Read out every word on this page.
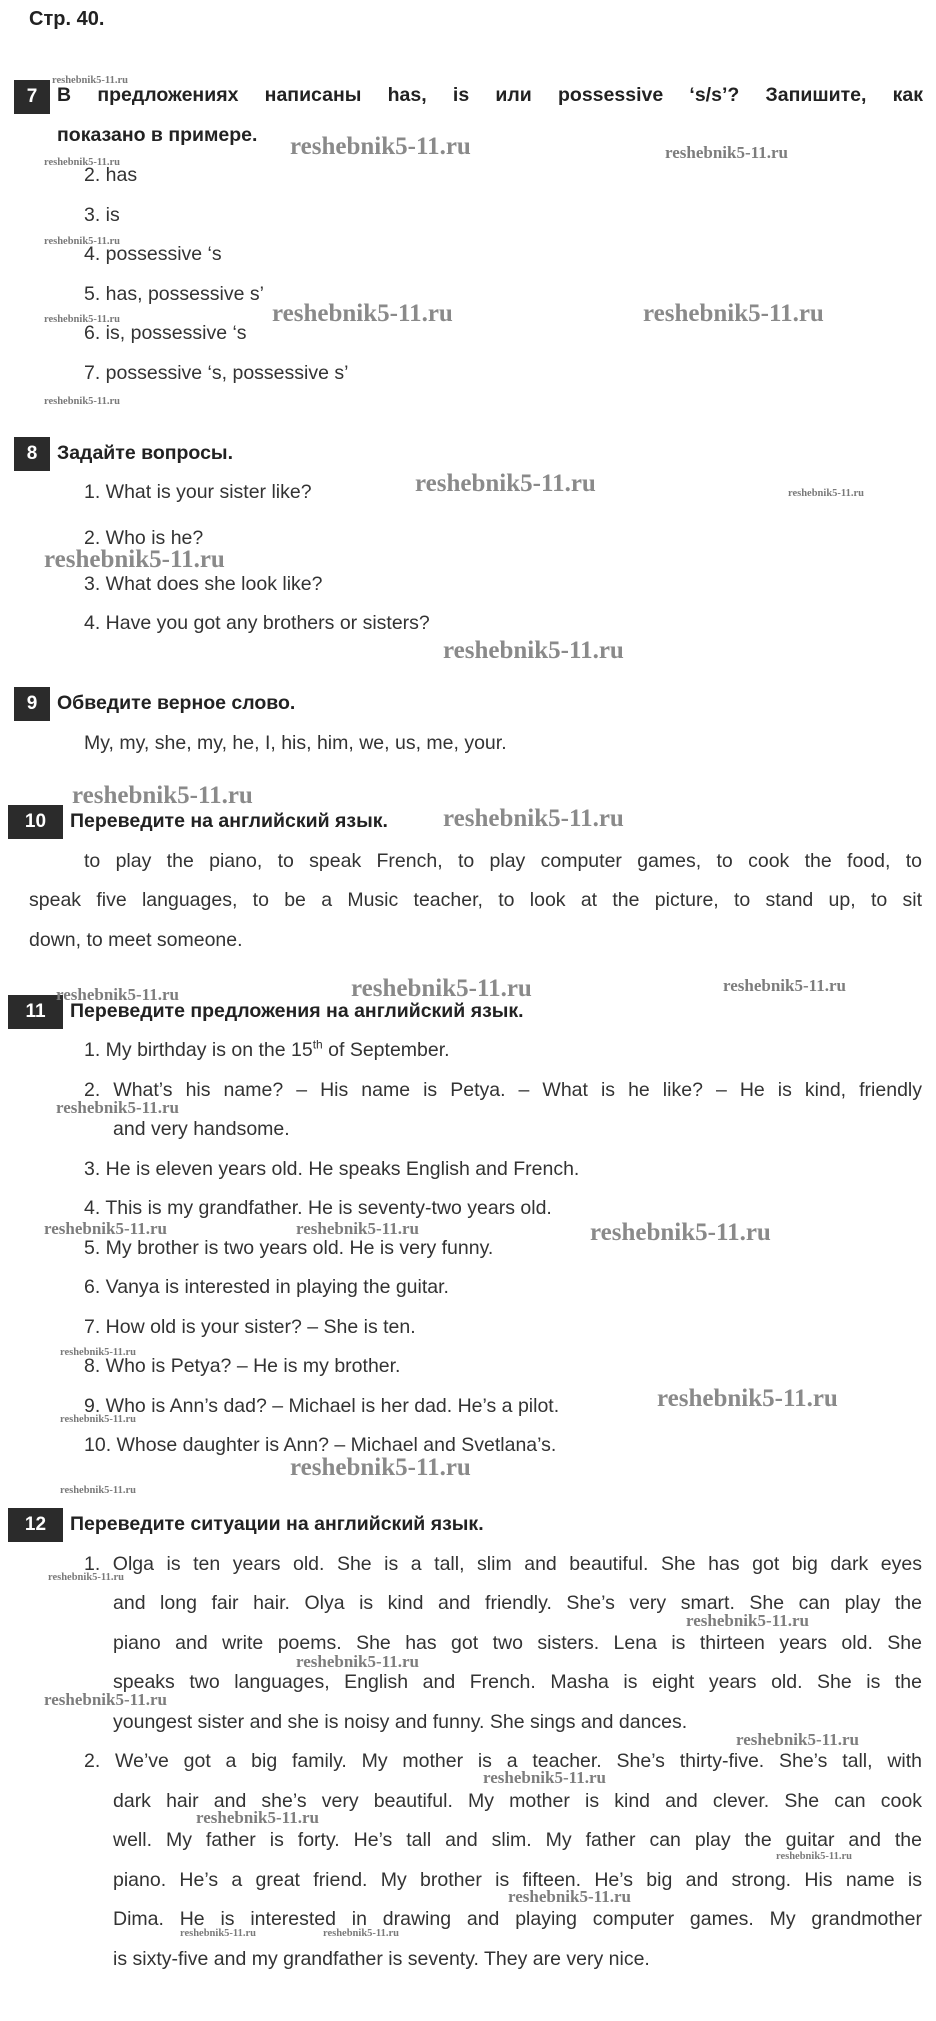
Стр. 40.
7	В предложениях написаны has, is или possessive ‘s/s’? Запишите, как
показано в примере.
2. has
3. is
4. possessive ‘s
5. has, possessive s’
6. is, possessive ‘s
7. possessive ‘s, possessive s’
8	Задайте вопросы.
1. What is your sister like?
2. Who is he?
3. What does she look like?
4. Have you got any brothers or sisters?
9	Обведите верное слово.
My, my, she, my, he, I, his, him, we, us, me, your.
10	Переведите на английский язык.
to play the piano, to speak French, to play computer games, to cook the food, to
speak five languages, to be a Music teacher, to look at the picture, to stand up, to sit
down, to meet someone.
11	Переведите предложения на английский язык.
1. My birthday is on the 15th of September.
2. What’s his name? – His name is Petya. – What is he like? – He is kind, friendly
and very handsome.
3. He is eleven years old. He speaks English and French.
4. This is my grandfather. He is seventy-two years old.
5. My brother is two years old. He is very funny.
6. Vanya is interested in playing the guitar.
7. How old is your sister? – She is ten.
8. Who is Petya? – He is my brother.
9. Who is Ann’s dad? – Michael is her dad. He’s a pilot.
10. Whose daughter is Ann? – Michael and Svetlana’s.
12	Переведите ситуации на английский язык.
1. Olga is ten years old. She is a tall, slim and beautiful. She has got big dark eyes
and long fair hair. Olya is kind and friendly. She’s very smart. She can play the
piano and write poems. She has got two sisters. Lena is thirteen years old. She
speaks two languages, English and French. Masha is eight years old. She is the
youngest sister and she is noisy and funny. She sings and dances.
2. We’ve got a big family. My mother is a teacher. She’s thirty-five. She’s tall, with
dark hair and she’s very beautiful. My mother is kind and clever. She can cook
well. My father is forty. He’s tall and slim. My father can play the guitar and the
piano. He’s a great friend. My brother is fifteen. He’s big and strong. His name is
Dima. He is interested in drawing and playing computer games. My grandmother
is sixty-five and my grandfather is seventy. They are very nice.
reshebnik5-11.ru
reshebnik5-11.ru	reshebnik5-11.ru
reshebnik5-11.ru
reshebnik5-11.ru
reshebnik5-11.ru	reshebnik5-11.ru
reshebnik5-11.ru
reshebnik5-11.ru
reshebnik5-11.ru	reshebnik5-11.ru
reshebnik5-11.ru
reshebnik5-11.ru
reshebnik5-11.ru
reshebnik5-11.ru
reshebnik5-11.ru	reshebnik5-11.ru	reshebnik5-11.ru
reshebnik5-11.ru
reshebnik5-11.ru	reshebnik5-11.ru	reshebnik5-11.ru
reshebnik5-11.ru
reshebnik5-11.ru
reshebnik5-11.ru
reshebnik5-11.ru
reshebnik5-11.ru
reshebnik5-11.ru
reshebnik5-11.ru
reshebnik5-11.ru
reshebnik5-11.ru
reshebnik5-11.ru
reshebnik5-11.ru
reshebnik5-11.ru
reshebnik5-11.ru
reshebnik5-11.ru
reshebnik5-11.ru	reshebnik5-11.ru
